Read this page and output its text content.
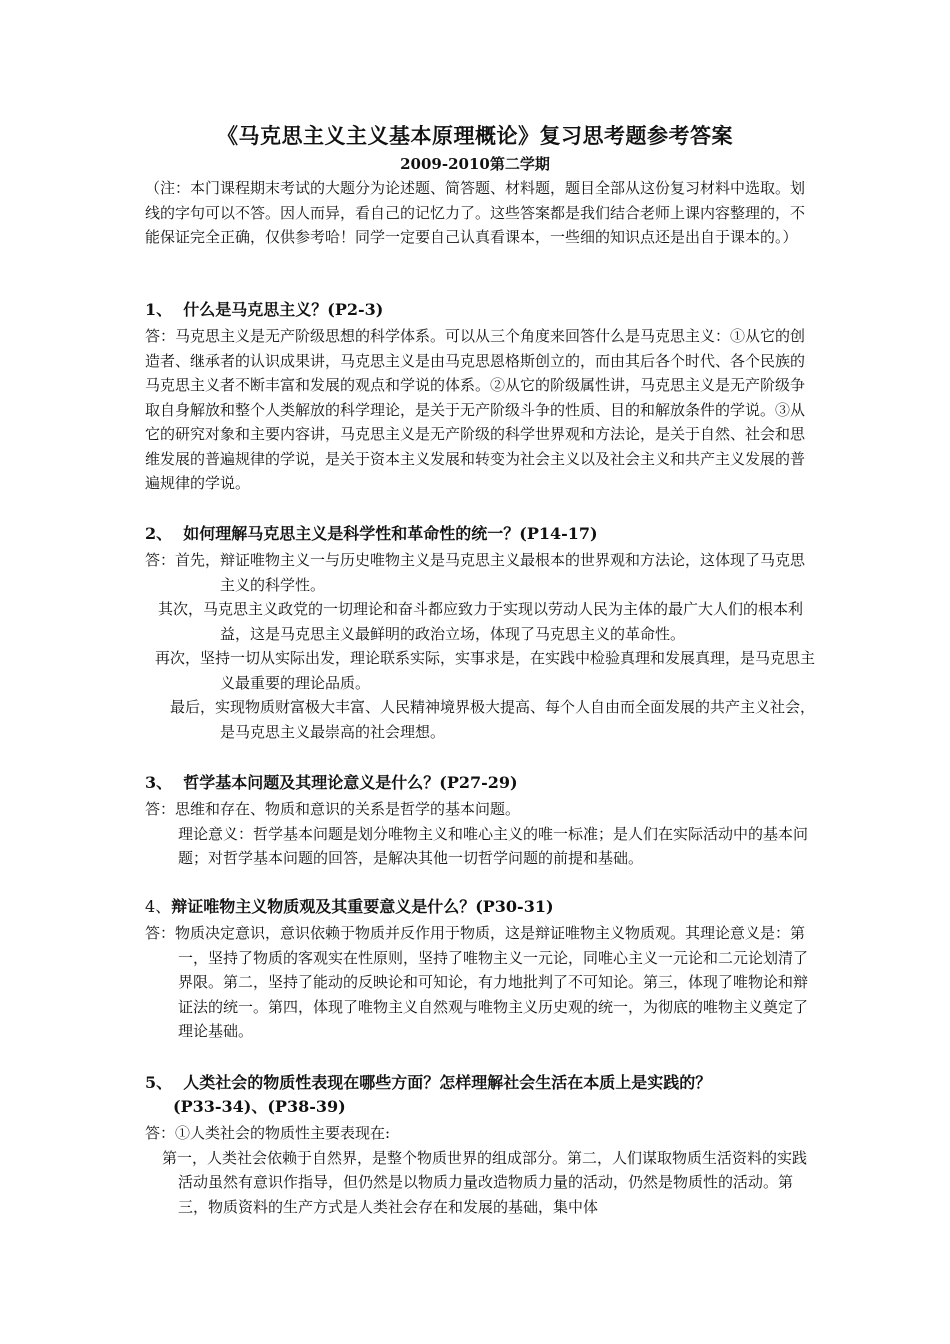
《马克思主义主义基本原理概论》复习思考题参考答案
2009-2010第二学期
（注：本门课程期末考试的大题分为论述题、简答题、材料题，题目全部从这份复习材料中选取。划线的字句可以不答。因人而异，看自己的记忆力了。这些答案都是我们结合老师上课内容整理的，不能保证完全正确，仅供参考哈！同学一定要自己认真看课本，一些细的知识点还是出自于课本的。）
1、 什么是马克思主义？(P2-3)

答：马克思主义是无产阶级思想的科学体系。可以从三个角度来回答什么是马克思主义：①从它的创造者、继承者的认识成果讲，马克思主义是由马克思恩格斯创立的，而由其后各个时代、各个民族的马克思主义者不断丰富和发展的观点和学说的体系。②从它的阶级属性讲，马克思主义是无产阶级争取自身解放和整个人类解放的科学理论，是关于无产阶级斗争的性质、目的和解放条件的学说。③从它的研究对象和主要内容讲，马克思主义是无产阶级的科学世界观和方法论，是关于自然、社会和思维发展的普遍规律的学说，是关于资本主义发展和转变为社会主义以及社会主义和共产主义发展的普遍规律的学说。

2、 如何理解马克思主义是科学性和革命性的统一？(P14-17)

答：首先，辩证唯物主义一与历史唯物主义是马克思主义最根本的世界观和方法论，这体现了马克思主义的科学性。

其次，马克思主义政党的一切理论和奋斗都应致力于实现以劳动人民为主体的最广大人们的根本利益，这是马克思主义最鲜明的政治立场，体现了马克思主义的革命性。

再次，坚持一切从实际出发，理论联系实际，实事求是，在实践中检验真理和发展真理，是马克思主义最重要的理论品质。

最后，实现物质财富极大丰富、人民精神境界极大提高、每个人自由而全面发展的共产主义社会，是马克思主义最崇高的社会理想。

3、 哲学基本问题及其理论意义是什么？(P27-29)

答：思维和存在、物质和意识的关系是哲学的基本问题。

理论意义：哲学基本问题是划分唯物主义和唯心主义的唯一标准；是人们在实际活动中的基本问题；对哲学基本问题的回答，是解决其他一切哲学问题的前提和基础。

4、辩证唯物主义物质观及其重要意义是什么？(P30-31)

答：物质决定意识，意识依赖于物质并反作用于物质，这是辩证唯物主义物质观。其理论意义是：第一，坚持了物质的客观实在性原则，坚持了唯物主义一元论，同唯心主义一元论和二元论划清了界限。第二，坚持了能动的反映论和可知论，有力地批判了不可知论。第三，体现了唯物论和辩证法的统一。第四，体现了唯物主义自然观与唯物主义历史观的统一，为彻底的唯物主义奠定了理论基础。

5、 人类社会的物质性表现在哪些方面？怎样理解社会生活在本质上是实践的？
(P33-34)、(P38-39)

答：①人类社会的物质性主要表现在:

第一，人类社会依赖于自然界，是整个物质世界的组成部分。第二，人们谋取物质生活资料的实践活动虽然有意识作指导，但仍然是以物质力量改造物质力量的活动，仍然是物质性的活动。第三，物质资料的生产方式是人类社会存在和发展的基础，集中体
